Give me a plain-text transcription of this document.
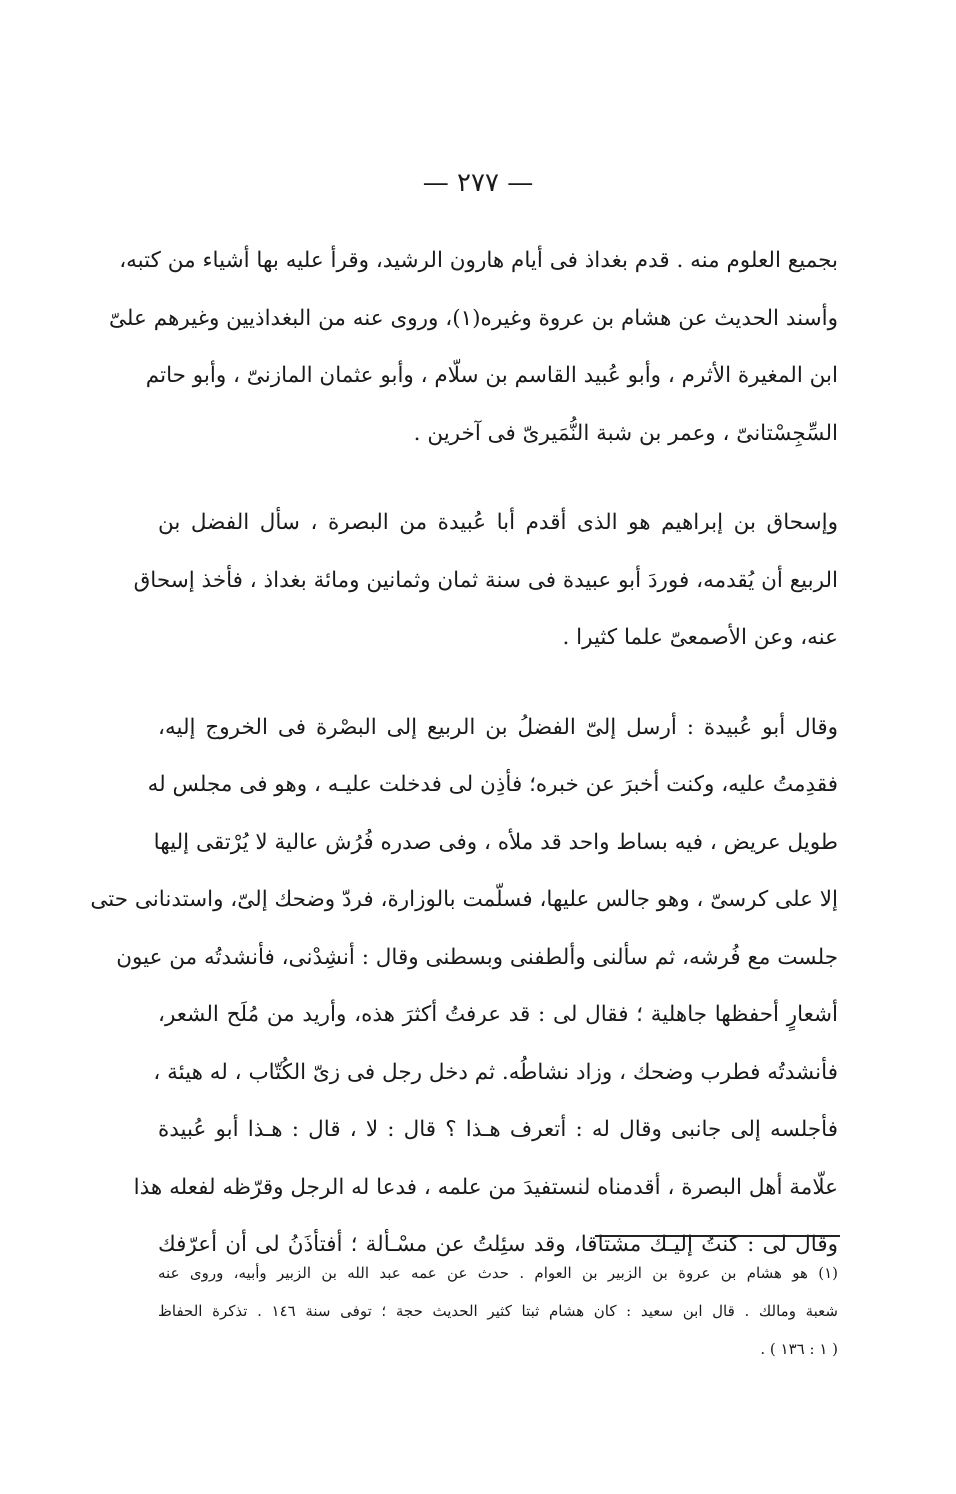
— ٢٧٧ —
بجميع العلوم منه . قدم بغداذ فى أيام هارون الرشيد، وقرأ عليه بها أشياء من كتبه،
وأسند الحديث عن هشام بن عروة وغيره(١)، وروى عنه من البغداذيين وغيرهم علىّ
ابن المغيرة الأثرم ، وأبو عُبيد القاسم بن سلّام ، وأبو عثمان المازنىّ ، وأبو حاتم
السِّجِسْتانىّ ، وعمر بن شبة النُّمَيرىّ فى آخرين .
وإسحاق بن إبراهيم هو الذى أقدم أبا عُبيدة من البصرة ، سأل الفضل بن
الربيع أن يُقدمه، فوردَ أبو عبيدة فى سنة ثمان وثمانين ومائة بغداذ ، فأخذ إسحاق
عنه، وعن الأصمعىّ علما كثيرا .
وقال أبو عُبيدة : أرسل إلىّ الفضلُ بن الربيع إلى البصْرة فى الخروج إليه،
فقدِمتُ عليه، وكنت أخبرَ عن خبره؛ فأذِن لى فدخلت عليـه ، وهو فى مجلس له
طويل عريض ، فيه بساط واحد قد ملأه ، وفى صدره فُرُش عالية لا يُرْتقى إليها
إلا على كرسىّ ، وهو جالس عليها، فسلّمت بالوزارة، فردّ وضحك إلىّ، واستدنانى حتى
جلست مع فُرشه، ثم سألنى وألطفنى وبسطنى وقال : أنشِدْنى، فأنشدتُه من عيون
أشعارٍ أحفظها جاهلية ؛ فقال لى : قد عرفتُ أكثرَ هذه، وأريد من مُلَح الشعر،
فأنشدتُه فطرب وضحك ، وزاد نشاطُه. ثم دخل رجل فى زىّ الكُتّاب ، له هيئة ،
فأجلسه إلى جانبى وقال له : أتعرف هـذا ؟ قال : لا ، قال : هـذا أبو عُبيدة
علّامة أهل البصرة ، أقدمناه لنستفيدَ من علمه ، فدعا له الرجل وقرّظه لفعله هذا
وقال لى : كنتُ إليـك مشتاقا، وقد سئِلتُ عن مسْـألة ؛ أفتأذَنُ لى أن أعرّفك
(١) هو هشام بن عروة بن الزبير بن العوام . حدث عن عمه عبد الله بن الزبير وأبيه، وروى عنه
شعبة ومالك . قال ابن سعيد : كان هشام ثبتا كثير الحديث حجة ؛ توفى سنة ١٤٦ . تذكرة الحفاظ
( ١ : ١٣٦ ) .
